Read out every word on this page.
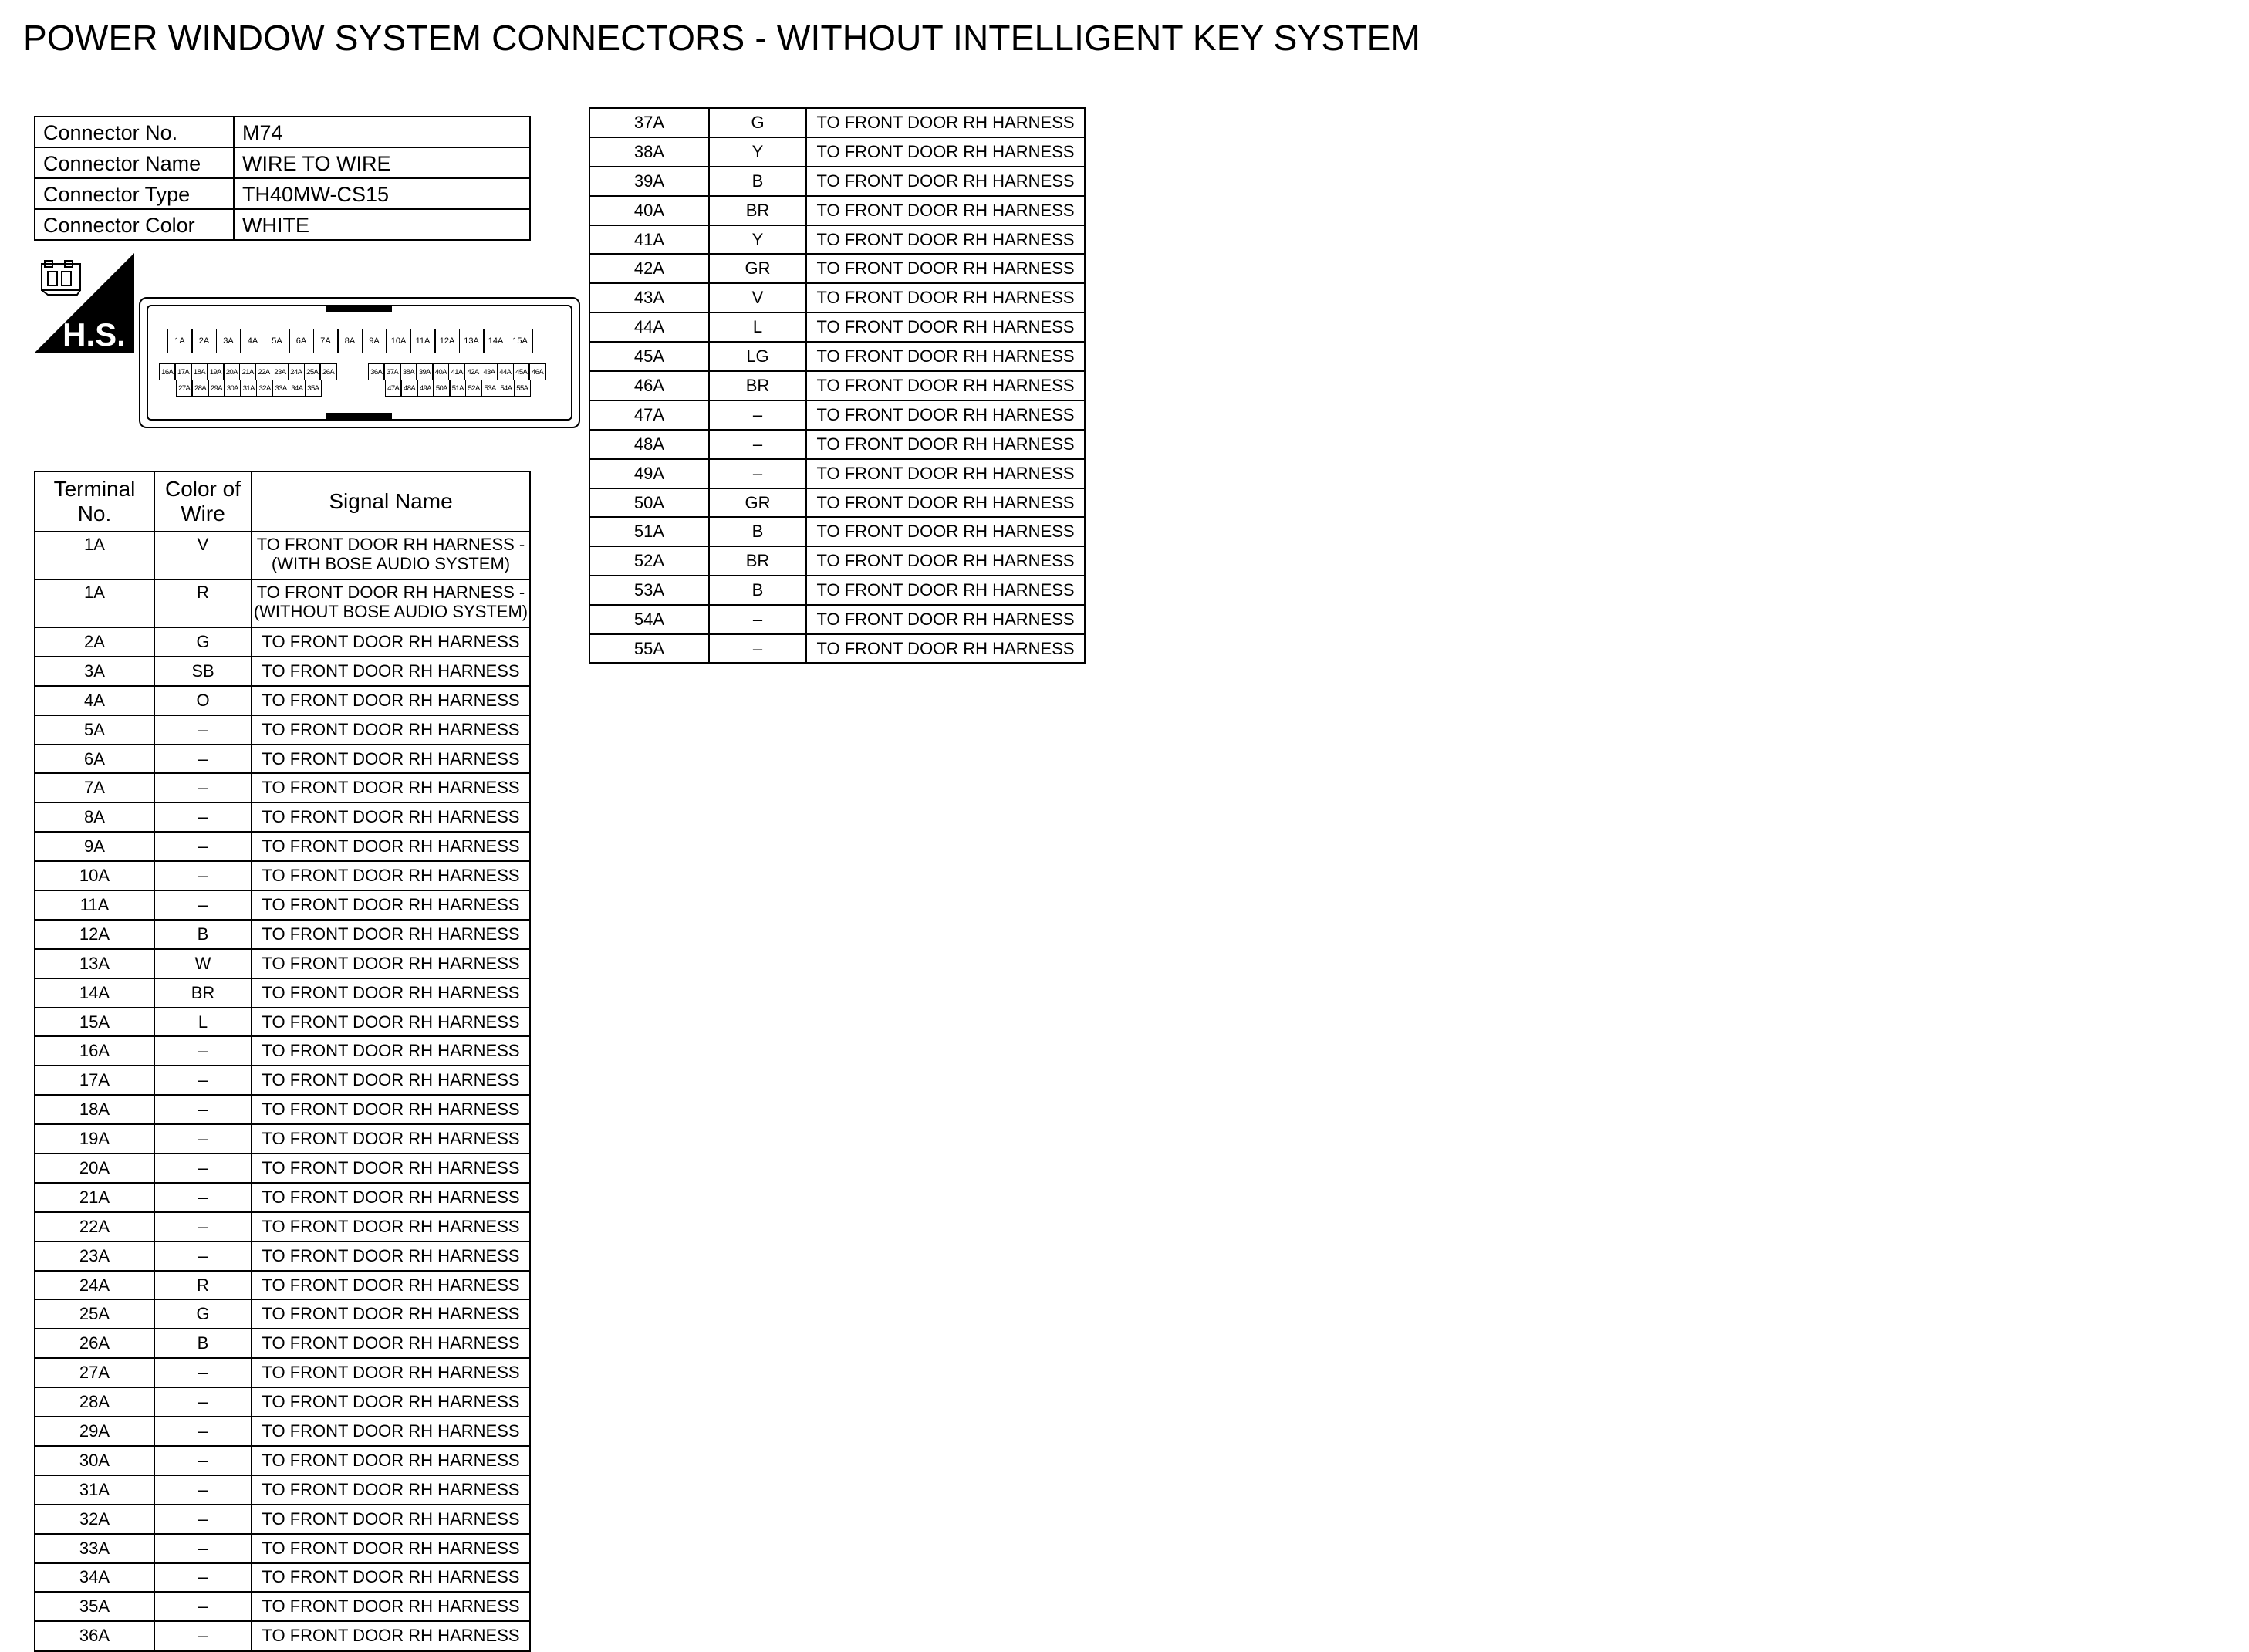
POWER WINDOW SYSTEM CONNECTORS - WITHOUT INTELLIGENT KEY SYSTEM
Connector No.	M74
Connector Name	WIRE TO WIRE
Connector Type	TH40MW-CS15
Connector Color	WHITE
H.S.	1A	2A	3A	4A	5A	6A	7A	8A	9A	10A	11A	12A	13A	14A	15A
16A 17A 18A 19A 20A 21A 22A 23A 24A 25A 26A	36A 37A 38A 39A 40A 41A 42A 43A 44A 45A 46A
27A 28A 29A 30A 31A 32A 33A 34A 35A	47A 48A 49A 50A 51A 52A 53A 54A 55A
Terminal No.	Color of Wire	Signal Name
1A	V	TO FRONT DOOR RH HARNESS - (WITH BOSE AUDIO SYSTEM)
1A	R	TO FRONT DOOR RH HARNESS - (WITHOUT BOSE AUDIO SYSTEM)
2A	G	TO FRONT DOOR RH HARNESS
3A	SB	TO FRONT DOOR RH HARNESS
4A	O	TO FRONT DOOR RH HARNESS
5A	–	TO FRONT DOOR RH HARNESS
6A	–	TO FRONT DOOR RH HARNESS
7A	–	TO FRONT DOOR RH HARNESS
8A	–	TO FRONT DOOR RH HARNESS
9A	–	TO FRONT DOOR RH HARNESS
10A	–	TO FRONT DOOR RH HARNESS
11A	–	TO FRONT DOOR RH HARNESS
12A	B	TO FRONT DOOR RH HARNESS
13A	W	TO FRONT DOOR RH HARNESS
14A	BR	TO FRONT DOOR RH HARNESS
15A	L	TO FRONT DOOR RH HARNESS
16A	–	TO FRONT DOOR RH HARNESS
17A	–	TO FRONT DOOR RH HARNESS
18A	–	TO FRONT DOOR RH HARNESS
19A	–	TO FRONT DOOR RH HARNESS
20A	–	TO FRONT DOOR RH HARNESS
21A	–	TO FRONT DOOR RH HARNESS
22A	–	TO FRONT DOOR RH HARNESS
23A	–	TO FRONT DOOR RH HARNESS
24A	R	TO FRONT DOOR RH HARNESS
25A	G	TO FRONT DOOR RH HARNESS
26A	B	TO FRONT DOOR RH HARNESS
27A	–	TO FRONT DOOR RH HARNESS
28A	–	TO FRONT DOOR RH HARNESS
29A	–	TO FRONT DOOR RH HARNESS
30A	–	TO FRONT DOOR RH HARNESS
31A	–	TO FRONT DOOR RH HARNESS
32A	–	TO FRONT DOOR RH HARNESS
33A	–	TO FRONT DOOR RH HARNESS
34A	–	TO FRONT DOOR RH HARNESS
35A	–	TO FRONT DOOR RH HARNESS
36A	–	TO FRONT DOOR RH HARNESS
37A	G	TO FRONT DOOR RH HARNESS
38A	Y	TO FRONT DOOR RH HARNESS
39A	B	TO FRONT DOOR RH HARNESS
40A	BR	TO FRONT DOOR RH HARNESS
41A	Y	TO FRONT DOOR RH HARNESS
42A	GR	TO FRONT DOOR RH HARNESS
43A	V	TO FRONT DOOR RH HARNESS
44A	L	TO FRONT DOOR RH HARNESS
45A	LG	TO FRONT DOOR RH HARNESS
46A	BR	TO FRONT DOOR RH HARNESS
47A	–	TO FRONT DOOR RH HARNESS
48A	–	TO FRONT DOOR RH HARNESS
49A	–	TO FRONT DOOR RH HARNESS
50A	GR	TO FRONT DOOR RH HARNESS
51A	B	TO FRONT DOOR RH HARNESS
52A	BR	TO FRONT DOOR RH HARNESS
53A	B	TO FRONT DOOR RH HARNESS
54A	–	TO FRONT DOOR RH HARNESS
55A	–	TO FRONT DOOR RH HARNESS
